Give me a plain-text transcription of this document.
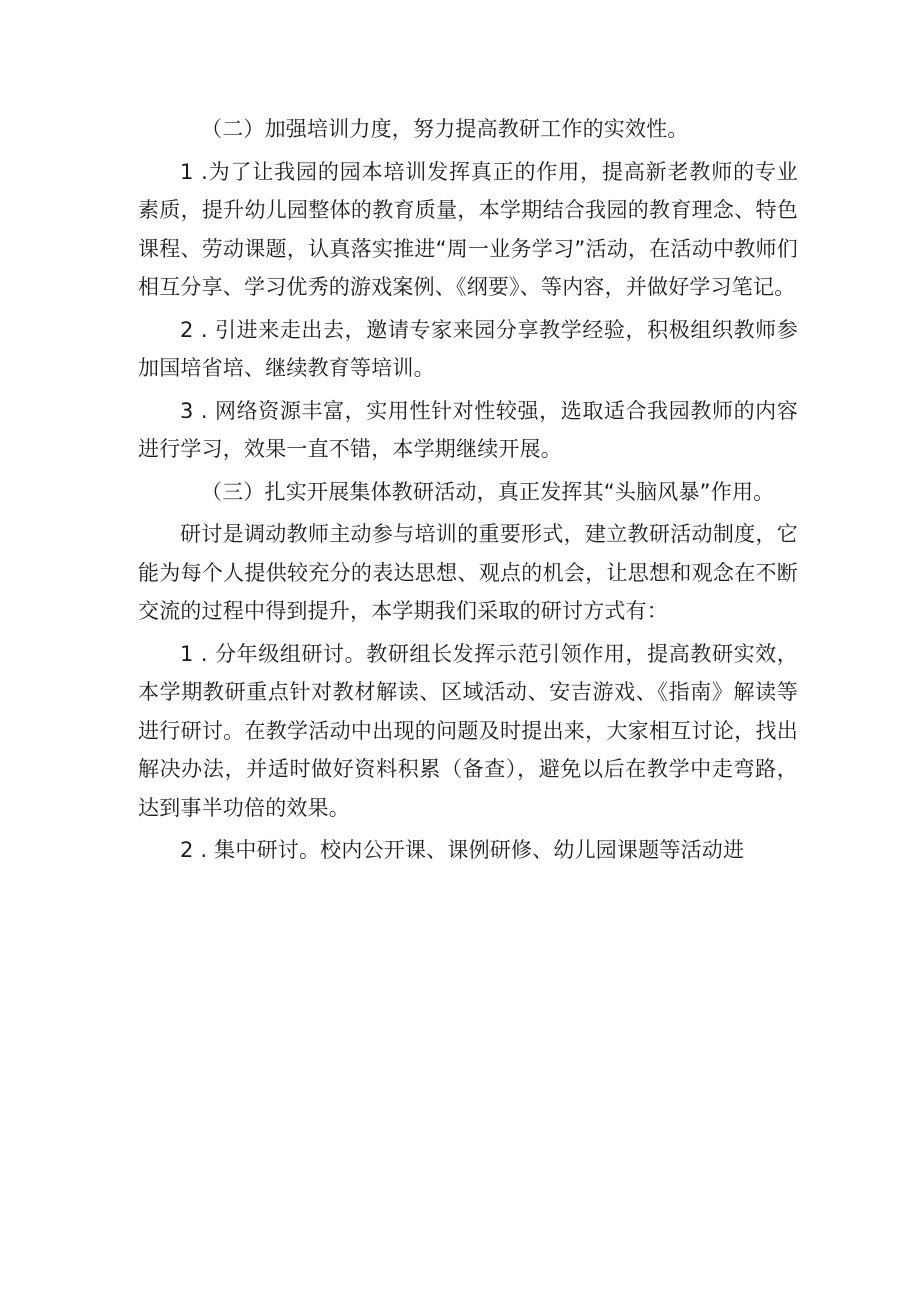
（二）加强培训力度，努力提高教研工作的实效性。

1 .为了让我园的园本培训发挥真正的作用，提高新老教师的专业素质，提升幼儿园整体的教育质量，本学期结合我园的教育理念、特色课程、劳动课题，认真落实推进“周一业务学习”活动，在活动中教师们相互分享、学习优秀的游戏案例、《纲要》、等内容，并做好学习笔记。

2 . 引进来走出去，邀请专家来园分享教学经验，积极组织教师参加国培省培、继续教育等培训。

3 . 网络资源丰富，实用性针对性较强，选取适合我园教师的内容进行学习，效果一直不错，本学期继续开展。

（三）扎实开展集体教研活动，真正发挥其“头脑风暴”作用。

研讨是调动教师主动参与培训的重要形式，建立教研活动制度，它能为每个人提供较充分的表达思想、观点的机会，让思想和观念在不断交流的过程中得到提升，本学期我们采取的研讨方式有：

1 . 分年级组研讨。教研组长发挥示范引领作用，提高教研实效，本学期教研重点针对教材解读、区域活动、安吉游戏、《指南》解读等进行研讨。在教学活动中出现的问题及时提出来，大家相互讨论，找出解决办法，并适时做好资料积累（备查），避免以后在教学中走弯路，达到事半功倍的效果。

2 . 集中研讨。校内公开课、课例研修、幼儿园课题等活动进
